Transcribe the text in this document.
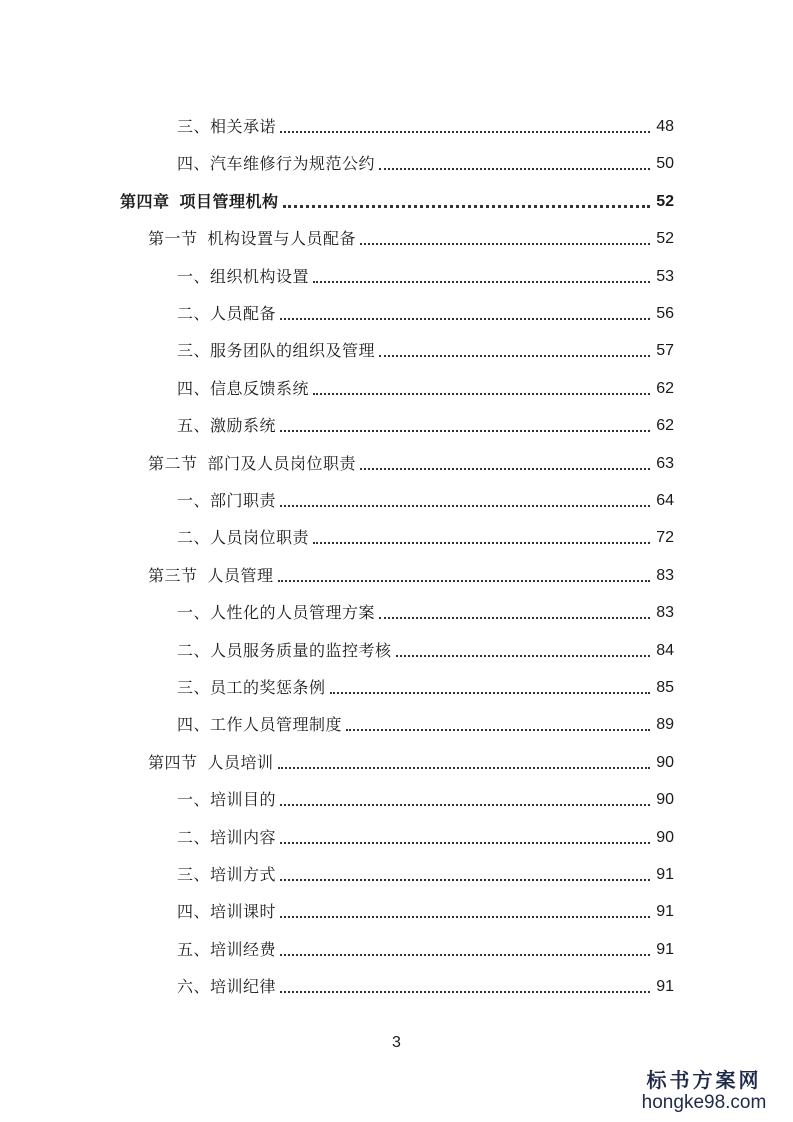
三、相关承诺	48
四、汽车维修行为规范公约	50
第四章 项目管理机构	52
第一节 机构设置与人员配备	52
一、组织机构设置	53
二、人员配备	56
三、服务团队的组织及管理	57
四、信息反馈系统	62
五、激励系统	62
第二节 部门及人员岗位职责	63
一、部门职责	64
二、人员岗位职责	72
第三节 人员管理	83
一、人性化的人员管理方案	83
二、人员服务质量的监控考核	84
三、员工的奖惩条例	85
四、工作人员管理制度	89
第四节 人员培训	90
一、培训目的	90
二、培训内容	90
三、培训方式	91
四、培训课时	91
五、培训经费	91
六、培训纪律	91
3
标书方案网
hongke98.com
